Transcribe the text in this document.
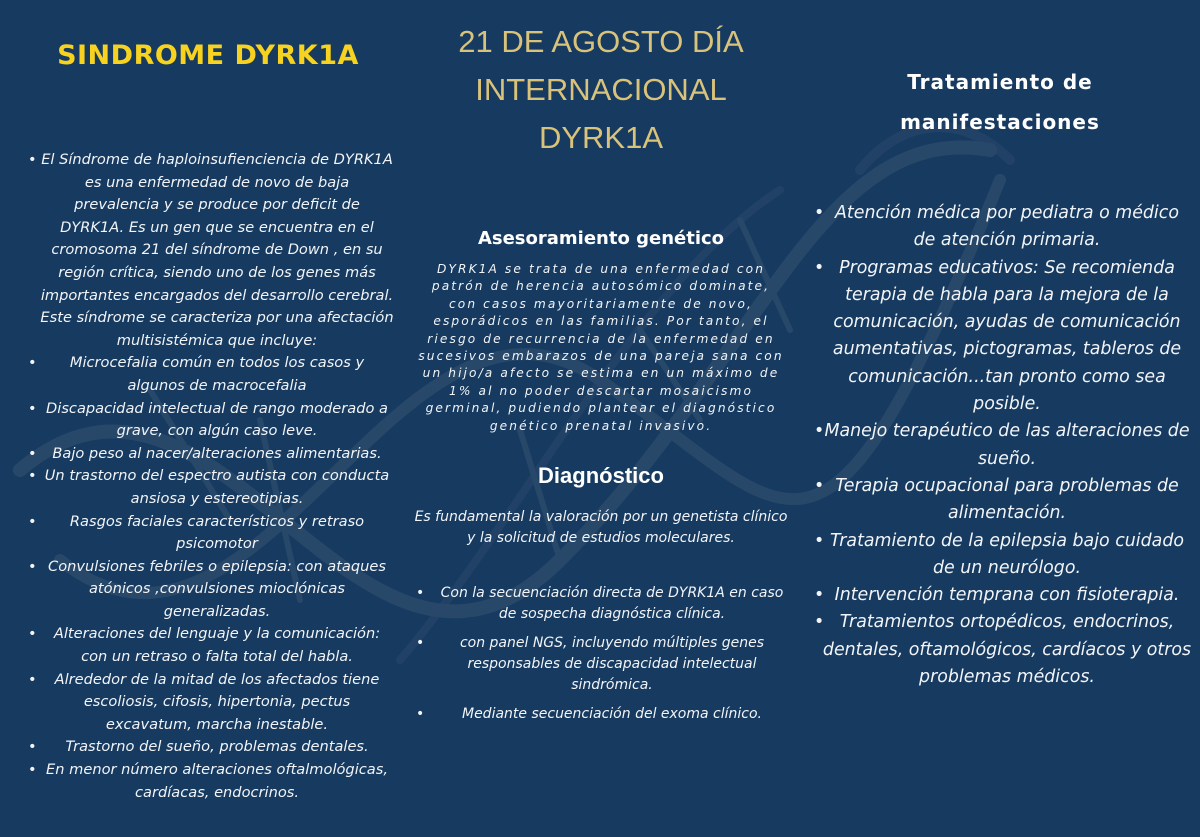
SINDROME DYRK1A
• El Síndrome de haploinsufienciencia de DYRK1A es una enfermedad de novo de baja prevalencia y se produce por deficit de DYRK1A. Es un gen que se encuentra en el cromosoma 21 del síndrome de Down , en su región crítica, siendo uno de los genes más importantes encargados del desarrollo cerebral. Este síndrome se caracteriza por una afectación multisistémica que incluye:
• Microcefalia común en todos los casos y algunos de macrocefalia
• Discapacidad intelectual de rango moderado a grave, con algún caso leve.
• Bajo peso al nacer/alteraciones alimentarias.
• Un trastorno del espectro autista con conducta ansiosa y estereotipias.
• Rasgos faciales característicos y retraso psicomotor
• Convulsiones febriles o epilepsia: con ataques atónicos ,convulsiones mioclónicas generalizadas.
• Alteraciones del lenguaje y la comunicación: con un retraso o falta total del habla.
• Alrededor de la mitad de los afectados tiene escoliosis, cifosis, hipertonia, pectus excavatum, marcha inestable.
• Trastorno del sueño, problemas dentales.
• En menor número alteraciones oftalmológicas, cardíacas, endocrinos.
21 DE AGOSTO DÍA
INTERNACIONAL
DYRK1A
Asesoramiento genético

DYRK1A se trata de una enfermedad con patrón de herencia autosómico dominate, con casos mayoritariamente de novo, esporádicos en las familias. Por tanto, el riesgo de recurrencia de la enfermedad en sucesivos embarazos de una pareja sana con un hijo/a afecto se estima en un máximo de 1% al no poder descartar mosaicismo germinal, pudiendo plantear el diagnóstico genético prenatal invasivo.

Diagnóstico

Es fundamental la valoración por un genetista clínico y la solicitud de estudios moleculares.

• Con la secuenciación directa de DYRK1A en caso de sospecha diagnóstica clínica.
• con panel NGS, incluyendo múltiples genes responsables de discapacidad intelectual sindrómica.
• Mediante secuenciación del exoma clínico.
Tratamiento de manifestaciones
• Atención médica por pediatra o médico de atención primaria.
• Programas educativos: Se recomienda terapia de habla para la mejora de la comunicación, ayudas de comunicación aumentativas, pictogramas, tableros de comunicación...tan pronto como sea posible.
• Manejo terapéutico de las alteraciones de sueño.
• Terapia ocupacional para problemas de alimentación.
• Tratamiento de la epilepsia bajo cuidado de un neurólogo.
• Intervención temprana con fisioterapia.
• Tratamientos ortopédicos, endocrinos, dentales, oftamológicos, cardíacos y otros problemas médicos.
